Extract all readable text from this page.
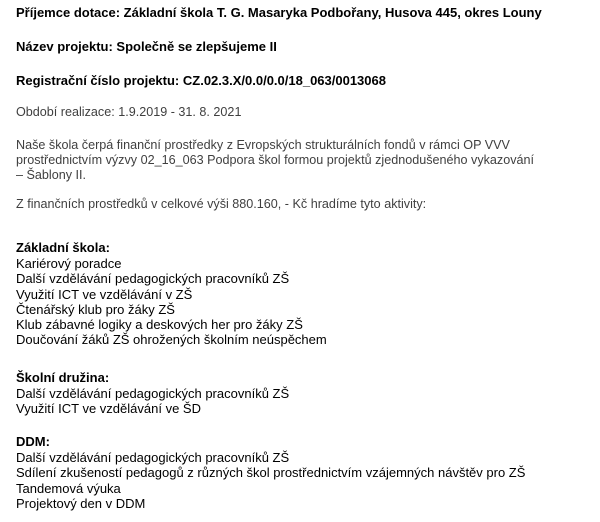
Příjemce dotace: Základní škola T. G. Masaryka Podbořany, Husova 445, okres Louny
Název projektu: Společně se zlepšujeme II
Registrační číslo projektu: CZ.02.3.X/0.0/0.0/18_063/0013068
Období realizace: 1.9.2019 - 31. 8. 2021
Naše škola čerpá finanční prostředky z Evropských strukturálních fondů v rámci OP VVV
prostřednictvím výzvy 02_16_063 Podpora škol formou projektů zjednodušeného vykazování
– Šablony II.
Z finančních prostředků v celkové výši 880.160, - Kč hradíme tyto aktivity:
Základní škola:
Kariérový poradce
Další vzdělávání pedagogických pracovníků ZŠ
Využití ICT ve vzdělávání v ZŠ
Čtenářský klub pro žáky ZŠ
Klub zábavné logiky a deskových her pro žáky ZŠ
Doučování žáků ZŠ ohrožených školním neúspěchem
Školní družina:
Další vzdělávání pedagogických pracovníků ZŠ
Využití ICT ve vzdělávání ve ŠD
DDM:
Další vzdělávání pedagogických pracovníků ZŠ
Sdílení zkušeností pedagogů z různých škol prostřednictvím vzájemných návštěv pro ZŠ
Tandemová výuka
Projektový den v DDM
